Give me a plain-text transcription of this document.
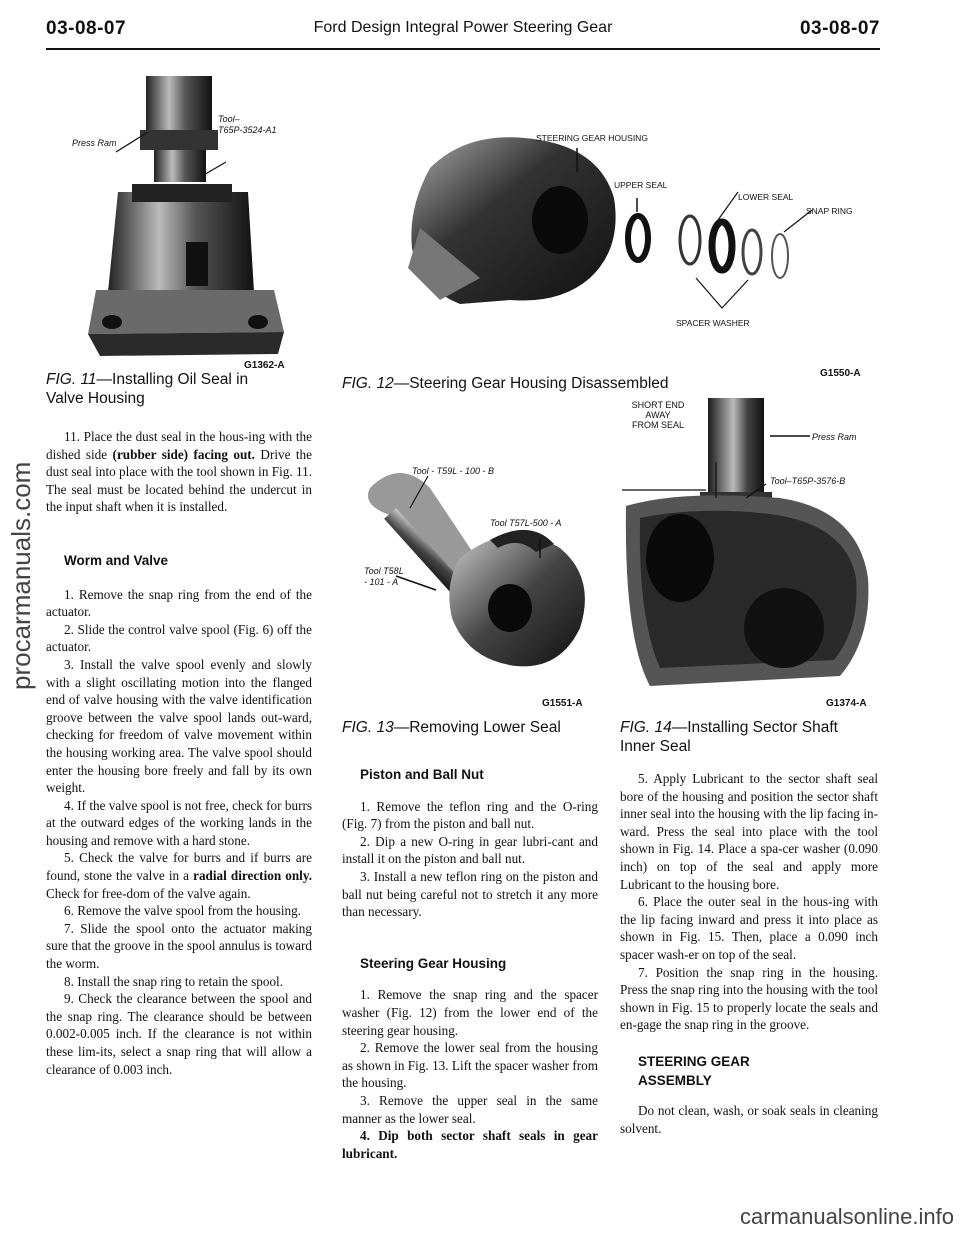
03-08-07	Ford Design Integral Power Steering Gear	03-08-07
procarmanuals.com
Press Ram
Tool–
T65P-3524-A1
G1362-A
FIG. 11—Installing Oil Seal in
Valve Housing
STEERING GEAR HOUSING
UPPER SEAL
LOWER SEAL
SNAP RING
SPACER WASHER
G1550-A
FIG. 12—Steering Gear Housing Disassembled
Tool - T59L - 100 - B
Tool T57L-500 - A
Tool T58L
- 101 - A
G1551-A
FIG. 13—Removing Lower Seal
SHORT END
AWAY
FROM SEAL
Press Ram
Tool–T65P-3576-B
G1374-A
FIG. 14—Installing Sector Shaft
Inner Seal

11. Place the dust seal in the hous-ing with the dished side (rubber side) facing out. Drive the dust seal into place with the tool shown in Fig. 11. The seal must be located behind the undercut in the input shaft when it is installed.

Worm and Valve

1. Remove the snap ring from the end of the actuator.

2. Slide the control valve spool (Fig. 6) off the actuator.

3. Install the valve spool evenly and slowly with a slight oscillating motion into the flanged end of valve housing with the valve identification groove between the valve spool lands out-ward, checking for freedom of valve movement within the housing working area. The valve spool should enter the housing bore freely and fall by its own weight.

4. If the valve spool is not free, check for burrs at the outward edges of the working lands in the housing and remove with a hard stone.

5. Check the valve for burrs and if burrs are found, stone the valve in a radial direction only. Check for free-dom of the valve again.

6. Remove the valve spool from the housing.

7. Slide the spool onto the actuator making sure that the groove in the spool annulus is toward the worm.

8. Install the snap ring to retain the spool.

9. Check the clearance between the spool and the snap ring. The clearance should be between 0.002-0.005 inch. If the clearance is not within these lim-its, select a snap ring that will allow a clearance of 0.003 inch.

Piston and Ball Nut

1. Remove the teflon ring and the O-ring (Fig. 7) from the piston and ball nut.

2. Dip a new O-ring in gear lubri-cant and install it on the piston and ball nut.

3. Install a new teflon ring on the piston and ball nut being careful not to stretch it any more than necessary.

Steering Gear Housing

1. Remove the snap ring and the spacer washer (Fig. 12) from the lower end of the steering gear housing.

2. Remove the lower seal from the housing as shown in Fig. 13. Lift the spacer washer from the housing.

3. Remove the upper seal in the same manner as the lower seal.

4. Dip both sector shaft seals in gear lubricant.

5. Apply Lubricant to the sector shaft seal bore of the housing and position the sector shaft inner seal into the housing with the lip facing in-ward. Press the seal into place with the tool shown in Fig. 14. Place a spa-cer washer (0.090 inch) on top of the seal and apply more Lubricant to the housing bore.

6. Place the outer seal in the hous-ing with the lip facing inward and press it into place as shown in Fig. 15. Then, place a 0.090 inch spacer wash-er on top of the seal.

7. Position the snap ring in the housing. Press the snap ring into the housing with the tool shown in Fig. 15 to properly locate the seals and en-gage the snap ring in the groove.

STEERING GEAR ASSEMBLY

Do not clean, wash, or soak seals in cleaning solvent.

carmanualsonline.info
